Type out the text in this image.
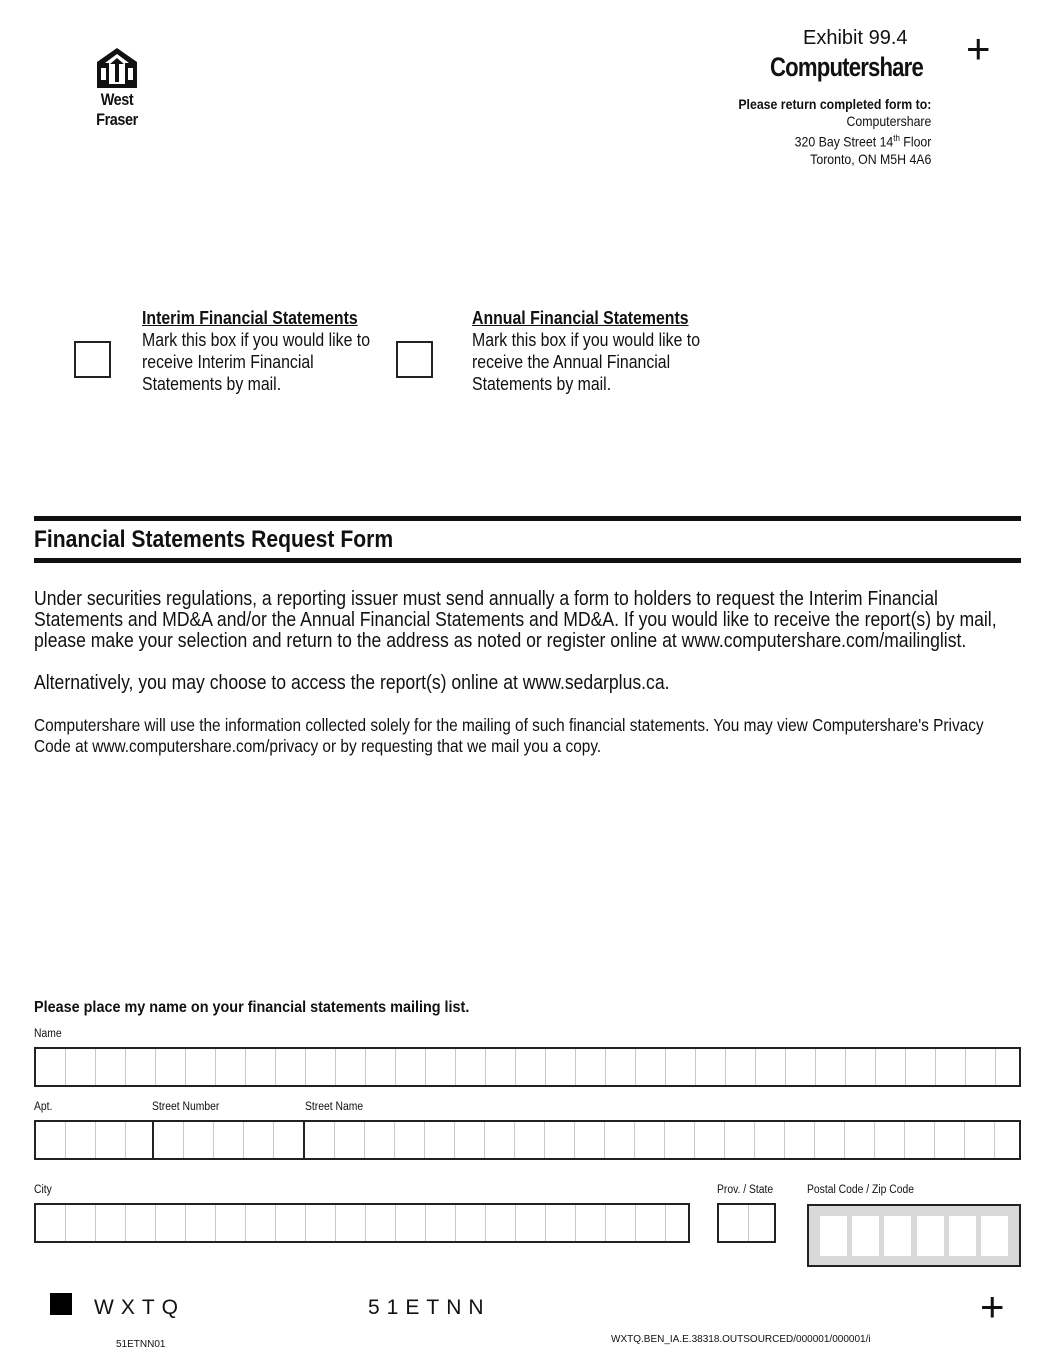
West Fraser
Exhibit 99.4
Computershare +
Please return completed form to:
Computershare
320 Bay Street 14th Floor
Toronto, ON M5H 4A6
Interim Financial Statements
Mark this box if you would like to receive Interim Financial Statements by mail.
Annual Financial Statements
Mark this box if you would like to receive the Annual Financial Statements by mail.
Financial Statements Request Form
Under securities regulations, a reporting issuer must send annually a form to holders to request the Interim Financial Statements and MD&A and/or the Annual Financial Statements and MD&A. If you would like to receive the report(s) by mail, please make your selection and return to the address as noted or register online at www.computershare.com/mailinglist.
Alternatively, you may choose to access the report(s) online at www.sedarplus.ca.
Computershare will use the information collected solely for the mailing of such financial statements. You may view Computershare's Privacy Code at www.computershare.com/privacy or by requesting that we mail you a copy.
Please place my name on your financial statements mailing list.
Name
Apt.	Street Number	Street Name
City	Prov. / State	Postal Code / Zip Code
WXTQ	51ETNN	+
51ETNN01	WXTQ.BEN_IA.E.38318.OUTSOURCED/000001/000001/i
